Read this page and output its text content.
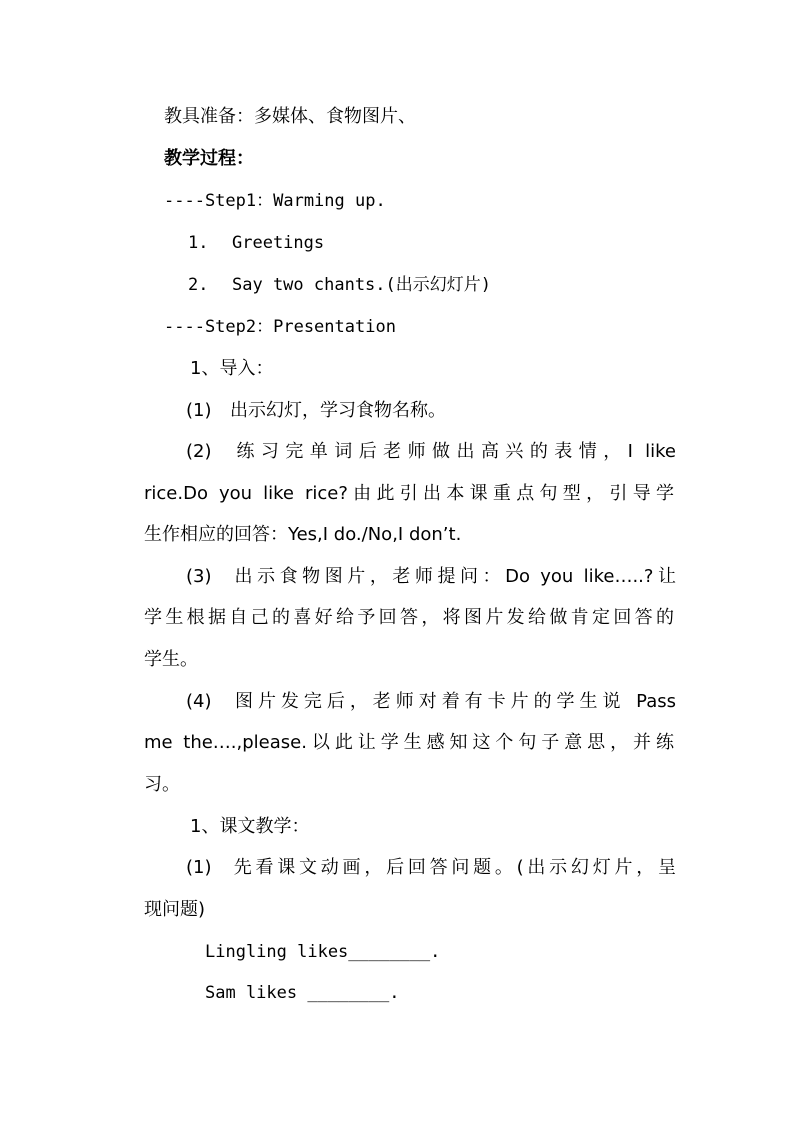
教具准备：多媒体、食物图片、
教学过程：
----Step1：Warming up.
1. Greetings
2. Say two chants.(出示幻灯片)
----Step2：Presentation
1、导入：
(1) 出示幻灯，学习食物名称。
(2) 练习完单词后老师做出高兴的表情，I like
rice.Do you like rice?由此引出本课重点句型，引导学
生作相应的回答：Yes,I do./No,I don’t.
(3) 出示食物图片，老师提问：Do you like…..?让
学生根据自己的喜好给予回答，将图片发给做肯定回答的
学生。
(4) 图片发完后，老师对着有卡片的学生说 Pass
me the….,please.以此让学生感知这个句子意思，并练
习。
1、课文教学：
(1) 先看课文动画，后回答问题。(出示幻灯片，呈
现问题)
Lingling likes________.
Sam likes ________.
